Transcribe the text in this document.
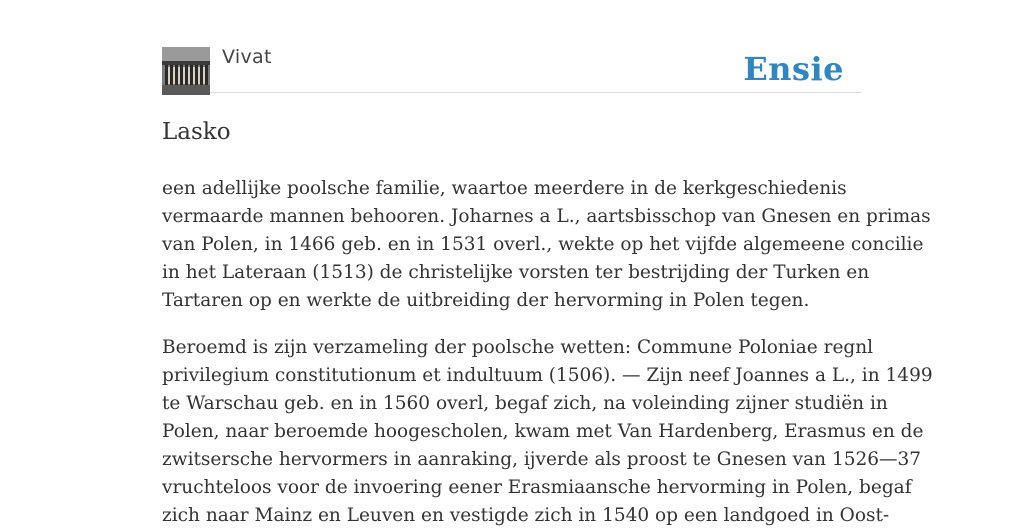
Vivat	Ensie
Lasko

een adellijke poolsche familie, waartoe meerdere in de kerkgeschiedenis
vermaarde mannen behooren. Joharnes a L., aartsbisschop van Gnesen en primas
van Polen, in 1466 geb. en in 1531 overl., wekte op het vijfde algemeene concilie
in het Lateraan (1513) de christelijke vorsten ter bestrijding der Turken en
Tartaren op en werkte de uitbreiding der hervorming in Polen tegen.

Beroemd is zijn verzameling der poolsche wetten: Commune Poloniae regnl
privilegium constitutionum et indultuum (1506). — Zijn neef Joannes a L., in 1499
te Warschau geb. en in 1560 overl, begaf zich, na voleinding zijner studiën in
Polen, naar beroemde hoogescholen, kwam met Van Hardenberg, Erasmus en de
zwitsersche hervormers in aanraking, ijverde als proost te Gnesen van 1526—37
vruchteloos voor de invoering eener Erasmiaansche hervorming in Polen, begaf
zich naar Mainz en Leuven en vestigde zich in 1540 op een landgoed in Oost-
